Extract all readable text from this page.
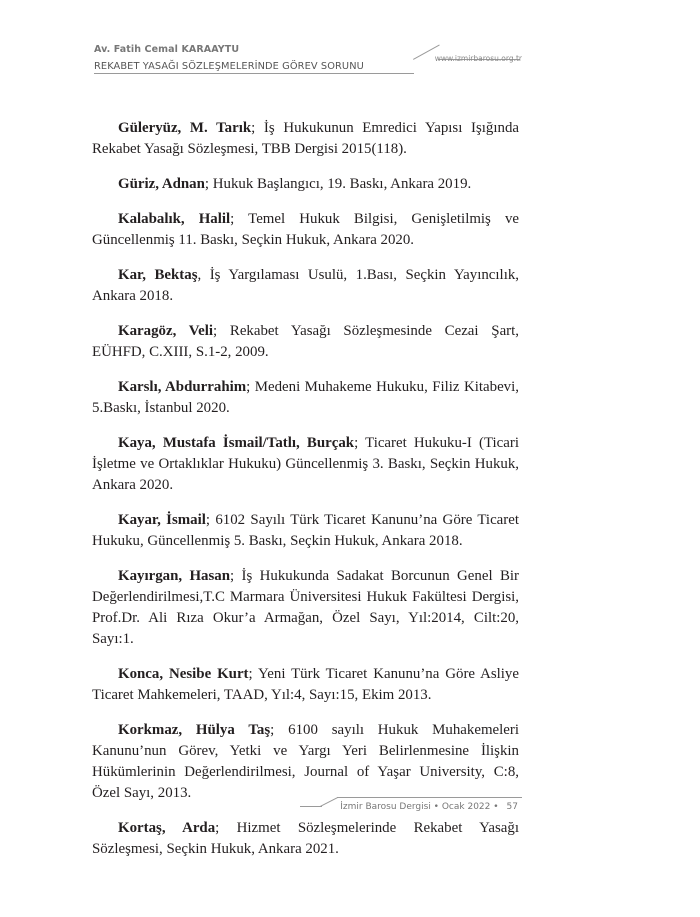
Av. Fatih Cemal KARAAYTU
REKABET YASAĞI SÖZLEŞMELERİNDE GÖREV SORUNU
www.izmirbarosu.org.tr

Güleryüz, M. Tarık; İş Hukukunun Emredici Yapısı Işığında Rekabet Yasağı Sözleşmesi, TBB Dergisi 2015(118).

Güriz, Adnan; Hukuk Başlangıcı, 19. Baskı, Ankara 2019.

Kalabalık, Halil; Temel Hukuk Bilgisi, Genişletilmiş ve Güncellenmiş 11. Baskı, Seçkin Hukuk, Ankara 2020.

Kar, Bektaş, İş Yargılaması Usulü, 1.Bası, Seçkin Yayıncılık, Ankara 2018.

Karagöz, Veli; Rekabet Yasağı Sözleşmesinde Cezai Şart, EÜHFD, C.XIII, S.1-2, 2009.

Karslı, Abdurrahim; Medeni Muhakeme Hukuku, Filiz Kitabevi, 5.Baskı, İstanbul 2020.

Kaya, Mustafa İsmail/Tatlı, Burçak; Ticaret Hukuku-I (Ticari İşletme ve Ortaklıklar Hukuku) Güncellenmiş 3. Baskı, Seçkin Hukuk, Ankara 2020.

Kayar, İsmail; 6102 Sayılı Türk Ticaret Kanunu’na Göre Ticaret Hukuku, Güncellenmiş 5. Baskı, Seçkin Hukuk, Ankara 2018.

Kayırgan, Hasan; İş Hukukunda Sadakat Borcunun Genel Bir Değerlendirilmesi,T.C Marmara Üniversitesi Hukuk Fakültesi Dergisi, Prof.Dr. Ali Rıza Okur’a Armağan, Özel Sayı, Yıl:2014, Cilt:20, Sayı:1.

Konca, Nesibe Kurt; Yeni Türk Ticaret Kanunu’na Göre Asliye Ticaret Mahkemeleri, TAAD, Yıl:4, Sayı:15, Ekim 2013.

Korkmaz, Hülya Taş; 6100 sayılı Hukuk Muhakemeleri Kanunu’nun Görev, Yetki ve Yargı Yeri Belirlenmesine İlişkin Hükümlerinin Değerlendirilmesi, Journal of Yaşar University, C:8, Özel Sayı, 2013.

Kortaş, Arda; Hizmet Sözleşmelerinde Rekabet Yasağı Sözleşmesi, Seçkin Hukuk, Ankara 2021.

İzmir Barosu Dergisi • Ocak 2022 • 57
